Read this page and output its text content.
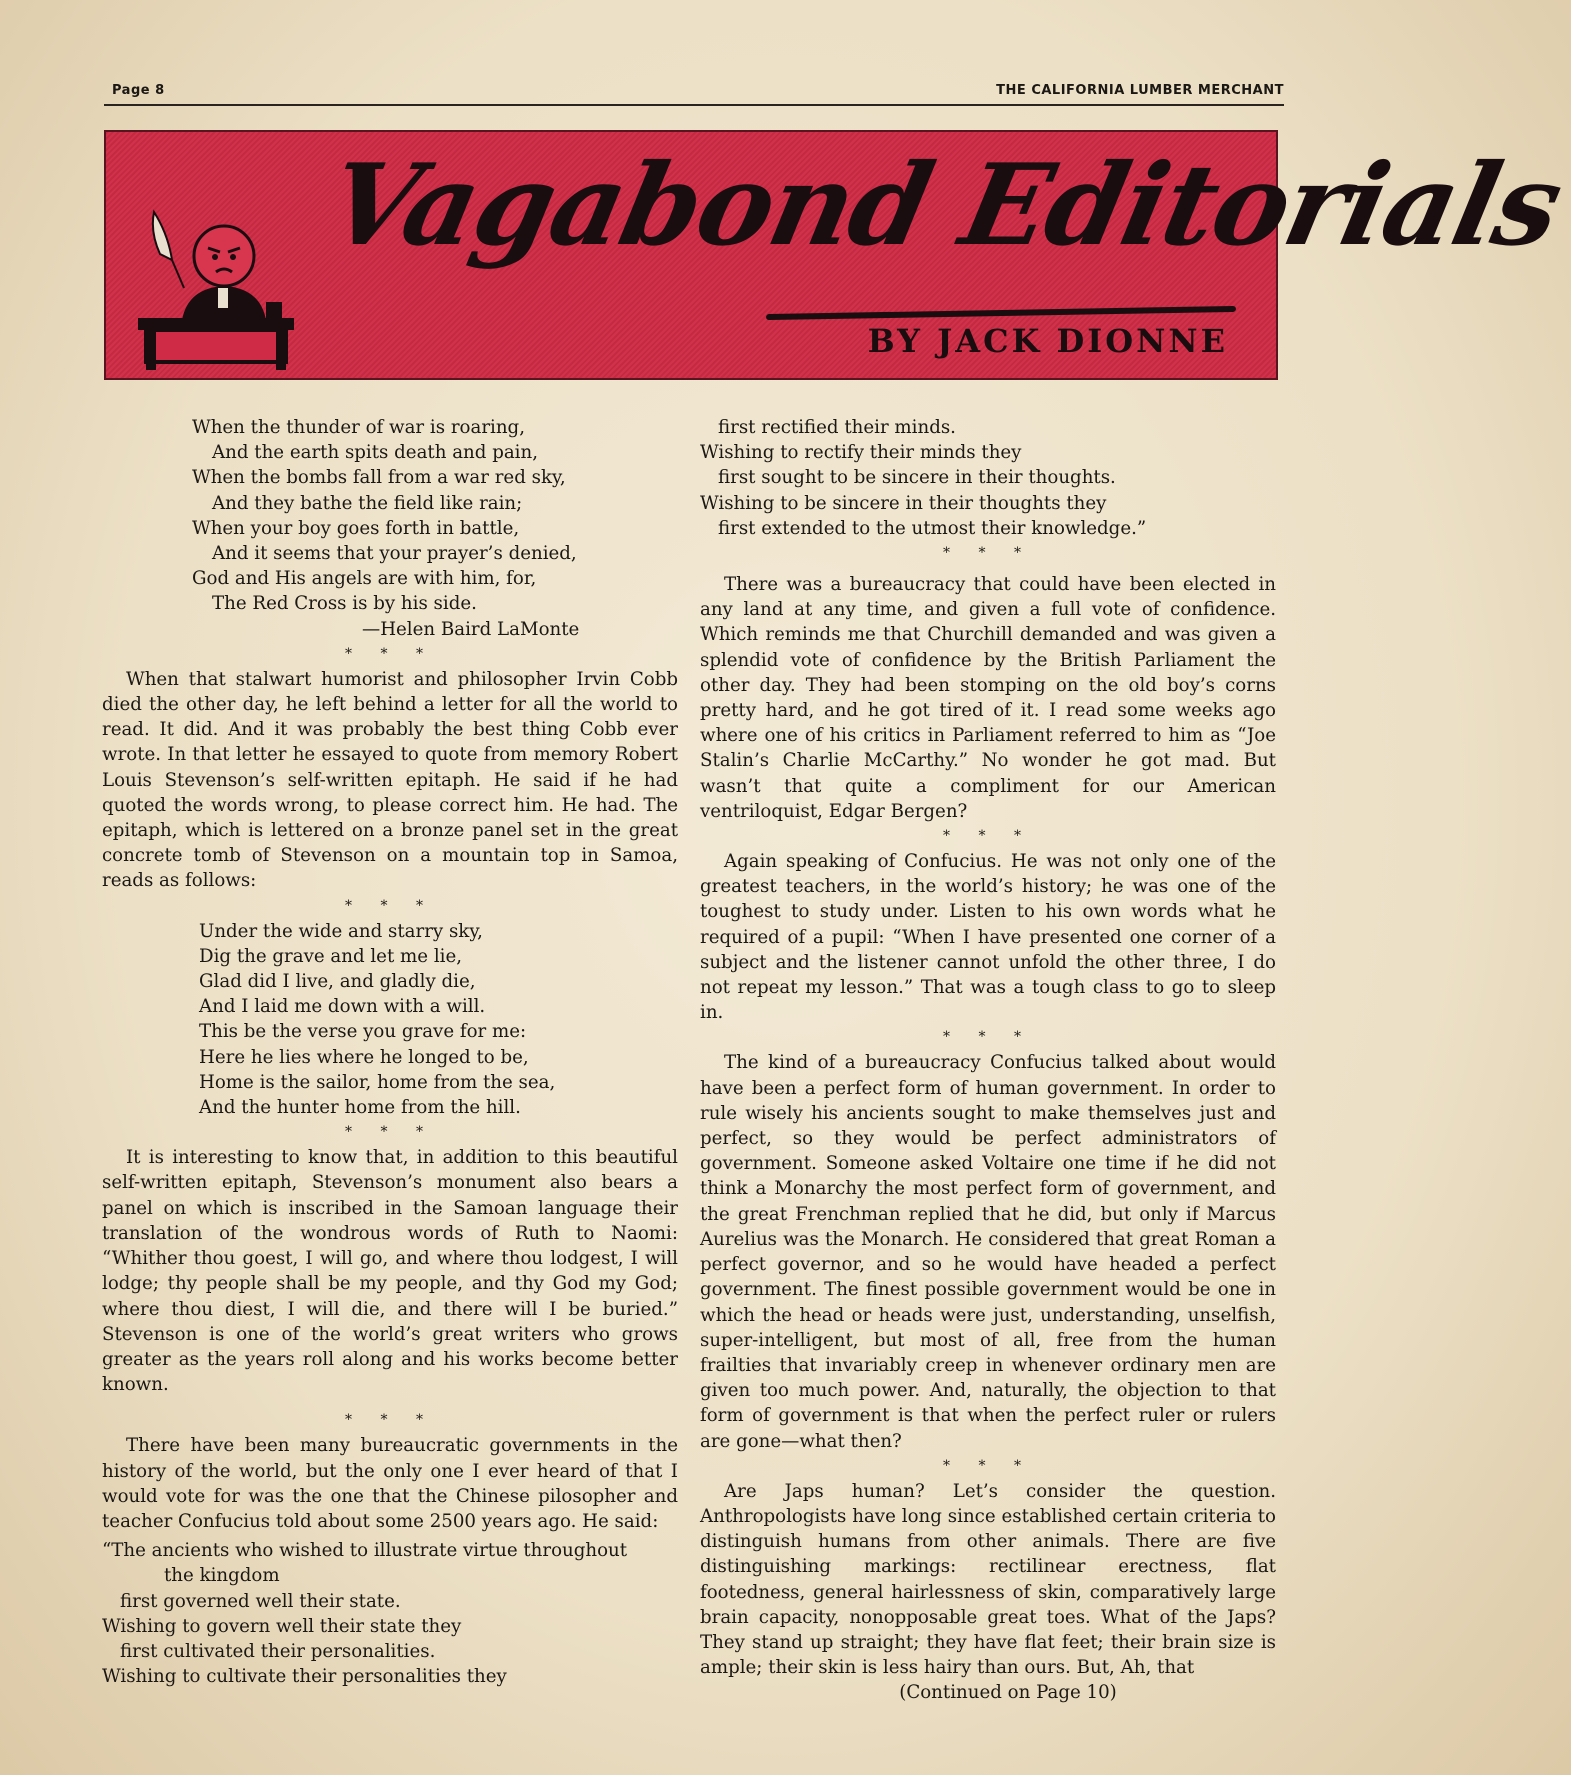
Page 8	THE CALIFORNIA LUMBER MERCHANT
Vagabond Editorials
BY JACK DIONNE
When the thunder of war is roaring,
And the earth spits death and pain,
When the bombs fall from a war red sky,
And they bathe the field like rain;
When your boy goes forth in battle,
And it seems that your prayer’s denied,
God and His angels are with him, for,
The Red Cross is by his side.
—Helen Baird LaMonte
* * *

When that stalwart humorist and philosopher Irvin Cobb died the other day, he left behind a letter for all the world to read. It did. And it was probably the best thing Cobb ever wrote. In that letter he essayed to quote from memory Robert Louis Stevenson’s self-written epitaph. He said if he had quoted the words wrong, to please correct him. He had. The epitaph, which is lettered on a bronze panel set in the great concrete tomb of Stevenson on a mountain top in Samoa, reads as follows:

* * *
Under the wide and starry sky,
Dig the grave and let me lie,
Glad did I live, and gladly die,
And I laid me down with a will.
This be the verse you grave for me:
Here he lies where he longed to be,
Home is the sailor, home from the sea,
And the hunter home from the hill.
* * *

It is interesting to know that, in addition to this beautiful self-written epitaph, Stevenson’s monument also bears a panel on which is inscribed in the Samoan language their translation of the wondrous words of Ruth to Naomi: “Whither thou goest, I will go, and where thou lodgest, I will lodge; thy people shall be my people, and thy God my God; where thou diest, I will die, and there will I be buried.” Stevenson is one of the world’s great writers who grows greater as the years roll along and his works become better known.

* * *

There have been many bureaucratic governments in the history of the world, but the only one I ever heard of that I would vote for was the one that the Chinese pilosopher and teacher Confucius told about some 2500 years ago. He said:

“The ancients who wished to illustrate virtue throughout
the kingdom
first governed well their state.
Wishing to govern well their state they
first cultivated their personalities.
Wishing to cultivate their personalities they
first rectified their minds.
Wishing to rectify their minds they
first sought to be sincere in their thoughts.
Wishing to be sincere in their thoughts they
first extended to the utmost their knowledge.”
* * *

There was a bureaucracy that could have been elected in any land at any time, and given a full vote of confidence. Which reminds me that Churchill demanded and was given a splendid vote of confidence by the British Parliament the other day. They had been stomping on the old boy’s corns pretty hard, and he got tired of it. I read some weeks ago where one of his critics in Parliament referred to him as “Joe Stalin’s Charlie McCarthy.” No wonder he got mad. But wasn’t that quite a compliment for our American ventriloquist, Edgar Bergen?

* * *

Again speaking of Confucius. He was not only one of the greatest teachers, in the world’s history; he was one of the toughest to study under. Listen to his own words what he required of a pupil: “When I have presented one corner of a subject and the listener cannot unfold the other three, I do not repeat my lesson.” That was a tough class to go to sleep in.

* * *

The kind of a bureaucracy Confucius talked about would have been a perfect form of human government. In order to rule wisely his ancients sought to make themselves just and perfect, so they would be perfect administrators of government. Someone asked Voltaire one time if he did not think a Monarchy the most perfect form of government, and the great Frenchman replied that he did, but only if Marcus Aurelius was the Monarch. He considered that great Roman a perfect governor, and so he would have headed a perfect government. The finest possible government would be one in which the head or heads were just, understanding, unselfish, super-intelligent, but most of all, free from the human frailties that invariably creep in whenever ordinary men are given too much power. And, naturally, the objection to that form of government is that when the perfect ruler or rulers are gone—what then?

* * *

Are Japs human? Let’s consider the question. Anthropologists have long since established certain criteria to distinguish humans from other animals. There are five distinguishing markings: rectilinear erectness, flat footedness, general hairlessness of skin, comparatively large brain capacity, nonopposable great toes. What of the Japs? They stand up straight; they have flat feet; their brain size is ample; their skin is less hairy than ours. But, Ah, that

(Continued on Page 10)
